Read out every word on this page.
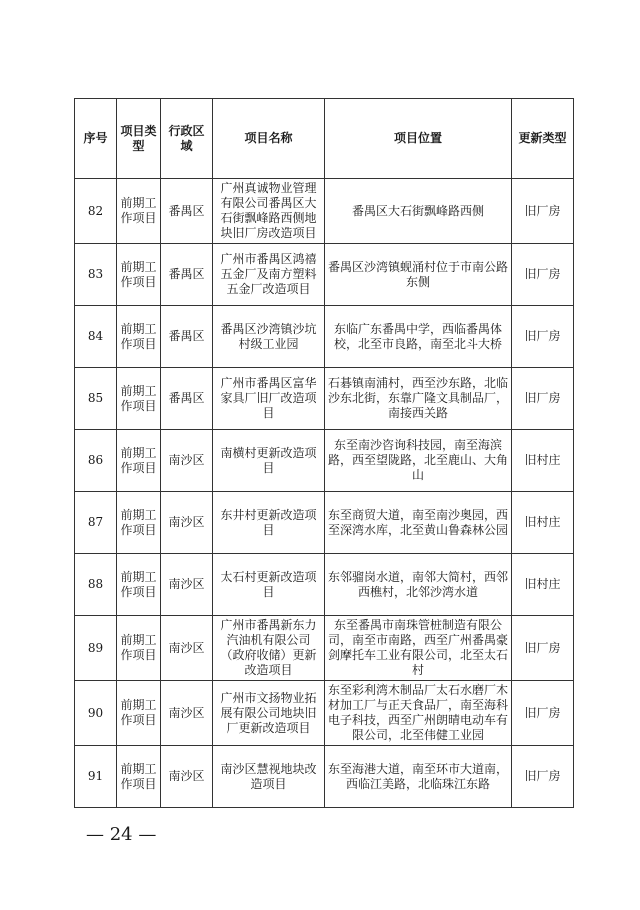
序号	项目类型	行政区域	项目名称	项目位置	更新类型
82	前期工作项目	番禺区	广州真诚物业管理有限公司番禺区大石街飘峰路西侧地块旧厂房改造项目	番禺区大石街飘峰路西侧	旧厂房
83	前期工作项目	番禺区	广州市番禺区鸿禧五金厂及南方塑料五金厂改造项目	番禺区沙湾镇蚬涌村位于市南公路东侧	旧厂房
84	前期工作项目	番禺区	番禺区沙湾镇沙坑村级工业园	东临广东番禺中学，西临番禺体校，北至市良路，南至北斗大桥	旧厂房
85	前期工作项目	番禺区	广州市番禺区富华家具厂旧厂改造项目	石碁镇南浦村，西至沙东路，北临沙东北街，东靠广隆文具制品厂，南接西关路	旧厂房
86	前期工作项目	南沙区	南横村更新改造项目	东至南沙咨询科技园，南至海滨路，西至望陇路，北至鹿山、大角山	旧村庄
87	前期工作项目	南沙区	东井村更新改造项目	东至商贸大道，南至南沙奥园，西至深湾水库，北至黄山鲁森林公园	旧村庄
88	前期工作项目	南沙区	太石村更新改造项目	东邻骝岗水道，南邻大简村，西邻西樵村，北邻沙湾水道	旧村庄
89	前期工作项目	南沙区	广州市番禺新东力汽油机有限公司（政府收储）更新改造项目	东至番禺市南珠管桩制造有限公司，南至市南路，西至广州番禺豪剑摩托车工业有限公司，北至太石村	旧厂房
90	前期工作项目	南沙区	广州市文扬物业拓展有限公司地块旧厂更新改造项目	东至彩利湾木制品厂太石水磨厂木材加工厂与正天食品厂，南至海科电子科技，西至广州朗晴电动车有限公司，北至伟健工业园	旧厂房
91	前期工作项目	南沙区	南沙区慧视地块改造项目	东至海港大道，南至环市大道南，西临江美路，北临珠江东路	旧厂房
— 24 —
